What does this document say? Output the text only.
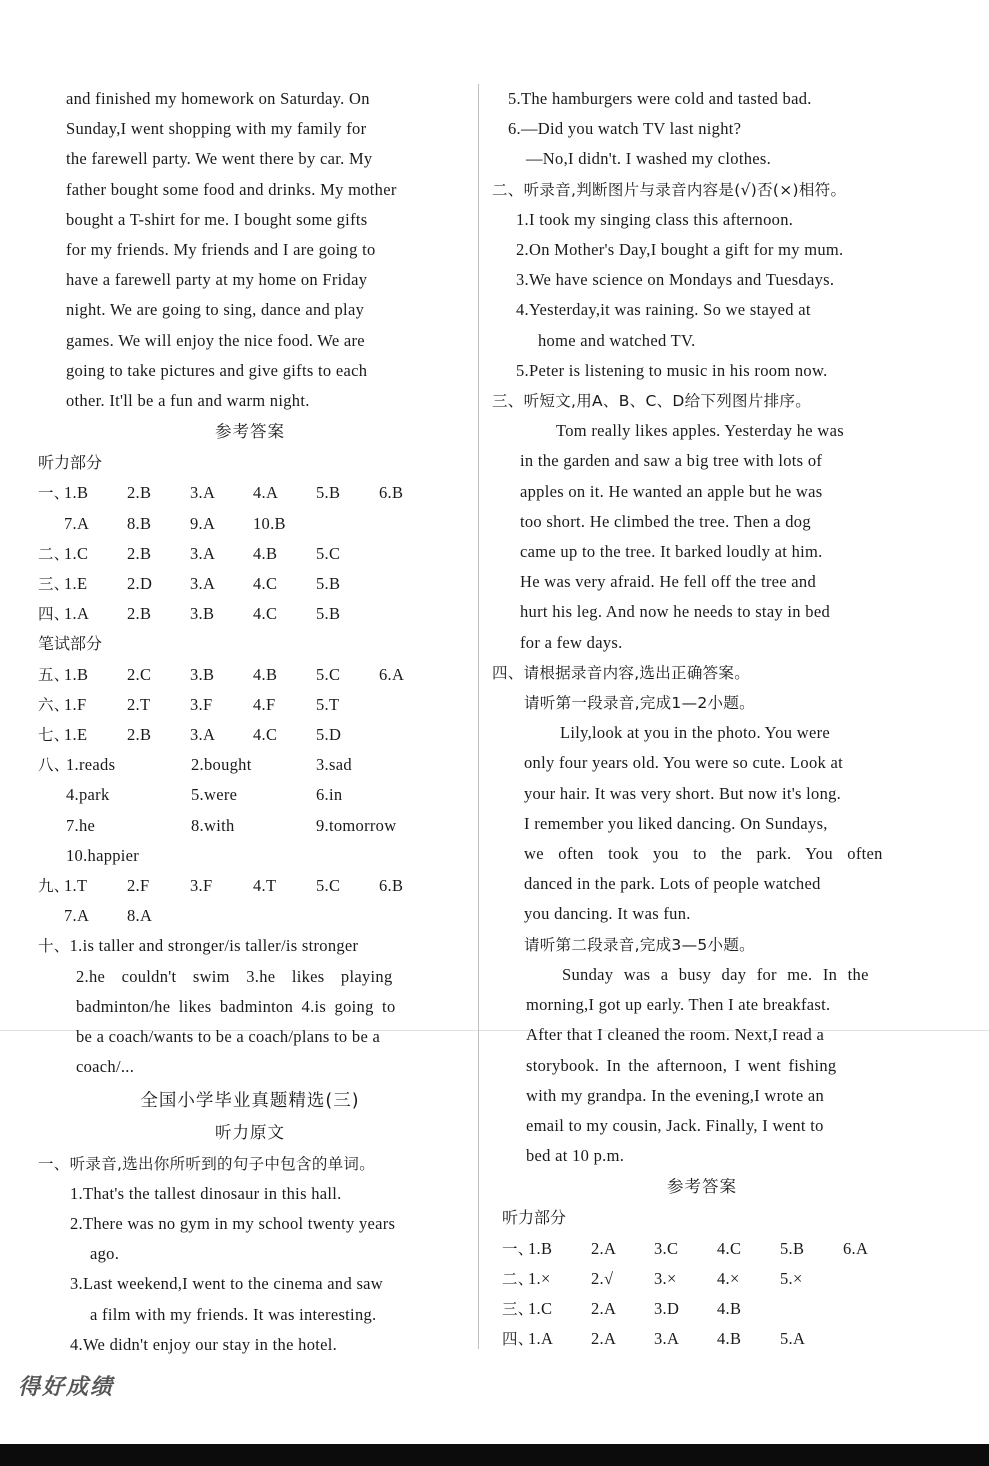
and finished my homework on Saturday. On
Sunday,I went shopping with my family for
the farewell party. We went there by car. My
father bought some food and drinks. My mother
bought a T-shirt for me. I bought some gifts
for my friends. My friends and I are going to
have a farewell party at my home on Friday
night. We are going to sing, dance and play
games. We will enjoy the nice food. We are
going to take pictures and give gifts to each
other. It'll be a fun and warm night.
参考答案
听力部分
一、
1.B	2.B	3.A	4.A	5.B	6.B
7.A	8.B	9.A	10.B
二、
1.C	2.B	3.A	4.B	5.C
三、
1.E	2.D	3.A	4.C	5.B
四、
1.A	2.B	3.B	4.C	5.B
笔试部分
五、
1.B	2.C	3.B	4.B	5.C	6.A
六、
1.F	2.T	3.F	4.F	5.T
七、
1.E	2.B	3.A	4.C	5.D
八、
1.reads	2.bought	3.sad
4.park	5.were	6.in
7.he	8.with	9.tomorrow
10.happier
九、
1.T	2.F	3.F	4.T	5.C	6.B
7.A	8.A
十、1.is taller and stronger/is taller/is stronger
2.he couldn't swim 3.he likes playing
badminton/he likes badminton 4.is going to
be a coach/wants to be a coach/plans to be a
coach/...
全国小学毕业真题精选(三)
听力原文
一、听录音,选出你所听到的句子中包含的单词。
1.That's the tallest dinosaur in this hall.
2.There was no gym in my school twenty years
ago.
3.Last weekend,I went to the cinema and saw
a film with my friends. It was interesting.
4.We didn't enjoy our stay in the hotel.
5.The hamburgers were cold and tasted bad.
6.—Did you watch TV last night?
—No,I didn't. I washed my clothes.
二、听录音,判断图片与录音内容是(√)否(×)相符。
1.I took my singing class this afternoon.
2.On Mother's Day,I bought a gift for my mum.
3.We have science on Mondays and Tuesdays.
4.Yesterday,it was raining. So we stayed at
home and watched TV.
5.Peter is listening to music in his room now.
三、听短文,用A、B、C、D给下列图片排序。
Tom really likes apples. Yesterday he was
in the garden and saw a big tree with lots of
apples on it. He wanted an apple but he was
too short. He climbed the tree. Then a dog
came up to the tree. It barked loudly at him.
He was very afraid. He fell off the tree and
hurt his leg. And now he needs to stay in bed
for a few days.
四、请根据录音内容,选出正确答案。
请听第一段录音,完成1—2小题。
Lily,look at you in the photo. You were
only four years old. You were so cute. Look at
your hair. It was very short. But now it's long.
I remember you liked dancing. On Sundays,
we often took you to the park. You often
danced in the park. Lots of people watched
you dancing. It was fun.
请听第二段录音,完成3—5小题。
Sunday was a busy day for me. In the
morning,I got up early. Then I ate breakfast.
After that I cleaned the room. Next,I read a
storybook. In the afternoon, I went fishing
with my grandpa. In the evening,I wrote an
email to my cousin, Jack. Finally, I went to
bed at 10 p.m.
参考答案
听力部分
一、
1.B	2.A	3.C	4.C	5.B	6.A
二、
1.×	2.√	3.×	4.×	5.×
三、
1.C	2.A	3.D	4.B
四、
1.A	2.A	3.A	4.B	5.A
得好成绩
